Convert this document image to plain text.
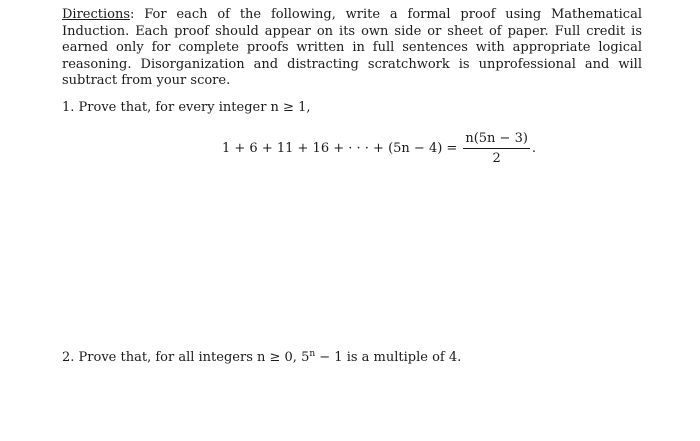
Directions: For each of the following, write a formal proof using Mathematical Induction. Each proof should appear on its own side or sheet of paper. Full credit is earned only for complete proofs written in full sentences with appropriate logical reasoning. Disorganization and distracting scratchwork is unprofessional and will subtract from your score.

1. Prove that, for every integer n ≥ 1,
1 + 6 + 11 + 16 + · · · + $(5n - 4) = \frac{n(5n - 3)}{2}$ .
2. Prove that, for all integers n ≥ 0, $5^n - 1$ is a multiple of 4.
